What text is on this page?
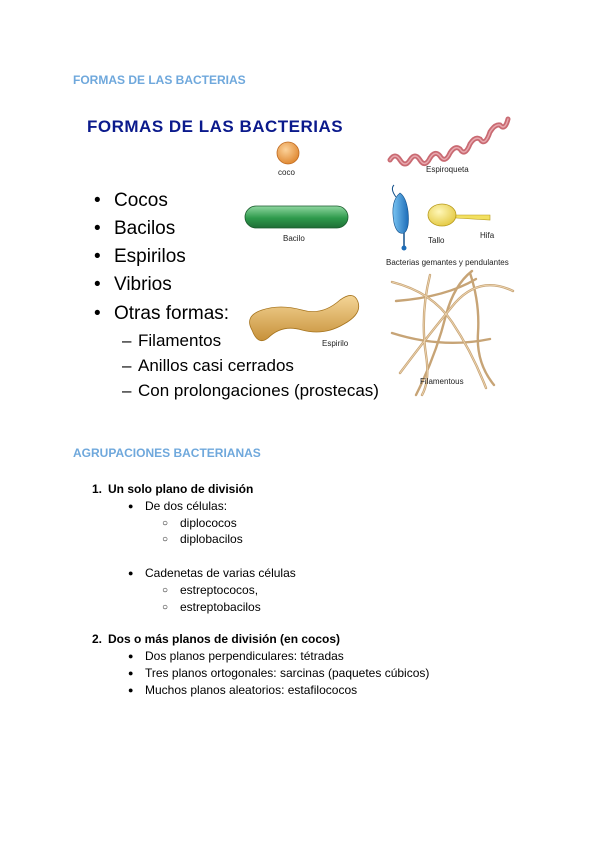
FORMAS DE LAS BACTERIAS
FORMAS DE LAS BACTERIAS
• Cocos
• Bacilos
• Espirilos
• Vibrios
• Otras formas:
– Filamentos
– Anillos casi cerrados
– Con prolongaciones (prostecas)
coco	Espiroqueta
Bacilo	Tallo
Hifa
Bacterias gemantes y pendulantes
Espirilo
Filamentous
AGRUPACIONES BACTERIANAS
1. Un solo plano de división
● De dos células:
○ diplococos
○ diplobacilos
● Cadenetas de varias células
○ estreptococos,
○ estreptobacilos
2. Dos o más planos de división (en cocos)
● Dos planos perpendiculares: tétradas
● Tres planos ortogonales: sarcinas (paquetes cúbicos)
● Muchos planos aleatorios: estafilococos
